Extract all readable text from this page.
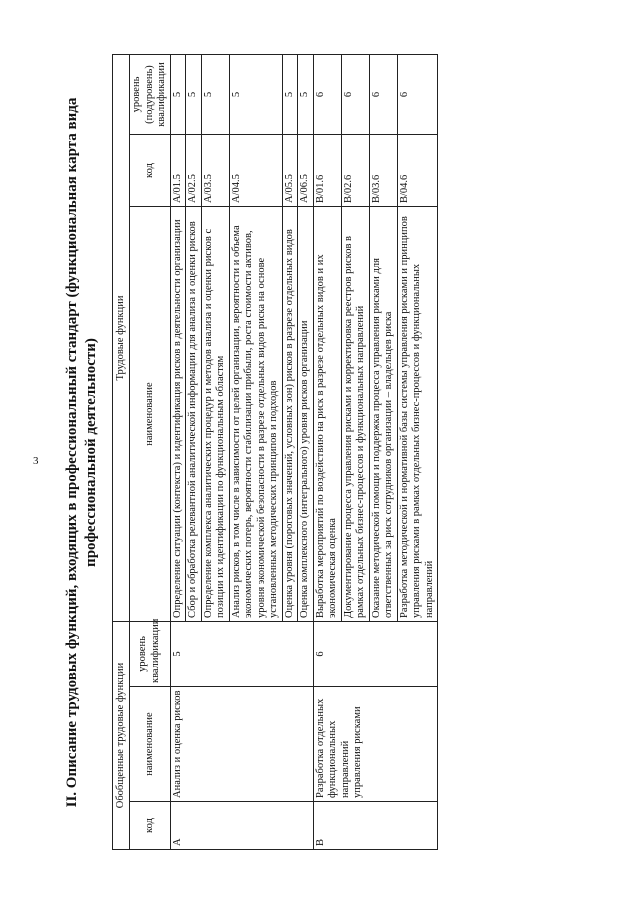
3 II. Описание трудовых функций, входящих в профессиональный стандарт (функциональная карта вида профессиональной деятельности)
Обобщенные трудовые функции			Трудовые функции		
код	наименование	уровень квалификации	наименование	код	уровень (подуровень) квалификации
A	Анализ и оценка рисков	5	Определение ситуации (контекста) и идентификация рисков в деятельности организации	A/01.5	5
			Сбор и обработка релевантной аналитической информации для анализа и оценки рисков	A/02.5	5
			Определение комплекса аналитических процедур и методов анализа и оценки рисков с позиции их идентификации по функциональным областям	A/03.5	5
			Анализ рисков, в том числе в зависимости от целей организации, вероятности и объема экономических потерь, вероятности стабилизации прибыли, роста стоимости активов, уровня экономической безопасности в разрезе отдельных видов риска на основе установленных методических принципов и подходов	A/04.5	5
			Оценка уровня (пороговых значений, условных зон) рисков в разрезе отдельных видов	A/05.5	5
			Оценка комплексного (интегрального) уровня рисков организации	A/06.5	5
B	Разработка отдельных функциональных направлений управления рисками	6	Выработка мероприятий по воздействию на риск в разрезе отдельных видов и их экономическая оценка	B/01.6	6
			Документирование процесса управления рисками и корректировка реестров рисков в рамках отдельных бизнес-процессов и функциональных направлений	B/02.6	6
			Оказание методической помощи и поддержка процесса управления рисками для ответственных за риск сотрудников организации – владельцев риска	B/03.6	6
			Разработка методической и нормативной базы системы управления рисками и принципов управления рисками в рамках отдельных бизнес-процессов и функциональных направлений	B/04.6	6
